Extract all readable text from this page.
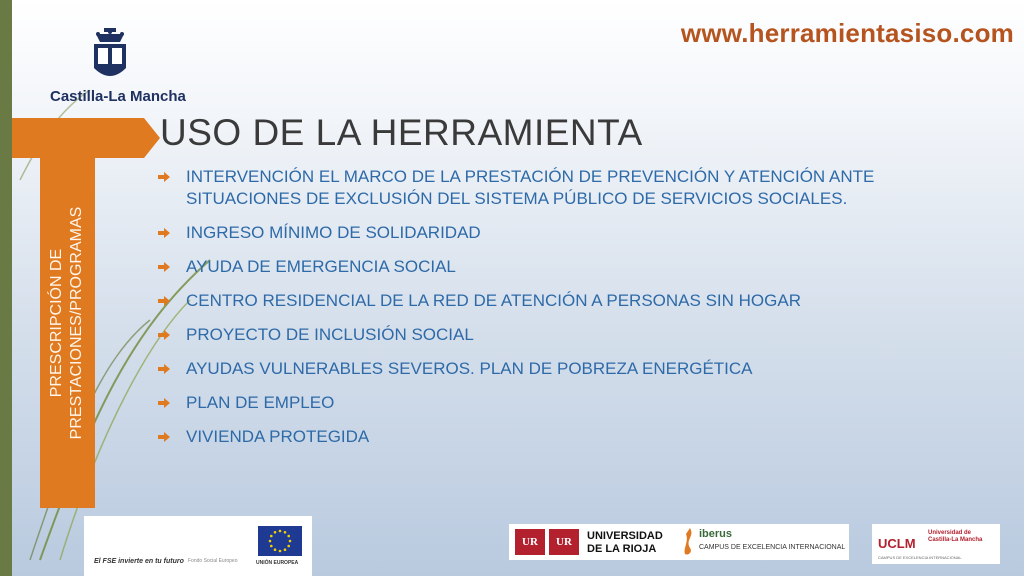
www.herramientasiso.com
Castilla-La Mancha
PRESCRIPCIÓN DE PRESTACIONES/PROGRAMAS
USO DE LA HERRAMIENTA
INTERVENCIÓN EL MARCO DE LA PRESTACIÓN DE PREVENCIÓN Y ATENCIÓN ANTE SITUACIONES DE EXCLUSIÓN DEL SISTEMA PÚBLICO DE SERVICIOS SOCIALES.
INGRESO MÍNIMO DE SOLIDARIDAD
AYUDA DE EMERGENCIA SOCIAL
CENTRO RESIDENCIAL DE LA RED DE ATENCIÓN A PERSONAS SIN HOGAR
PROYECTO DE INCLUSIÓN SOCIAL
AYUDAS VULNERABLES SEVEROS. PLAN DE POBREZA ENERGÉTICA
PLAN DE EMPLEO
VIVIENDA PROTEGIDA
El FSE invierte en tu futuro Fondo Social Europeo	UNIÓN EUROPEA
UR	UR	UNIVERSIDAD
DE LA RIOJA
iberus
CAMPUS DE EXCELENCIA INTERNACIONAL	UCLM
Universidad de
Castilla-La Mancha
CAMPUS DE EXCELENCIA INTERNACIONAL
